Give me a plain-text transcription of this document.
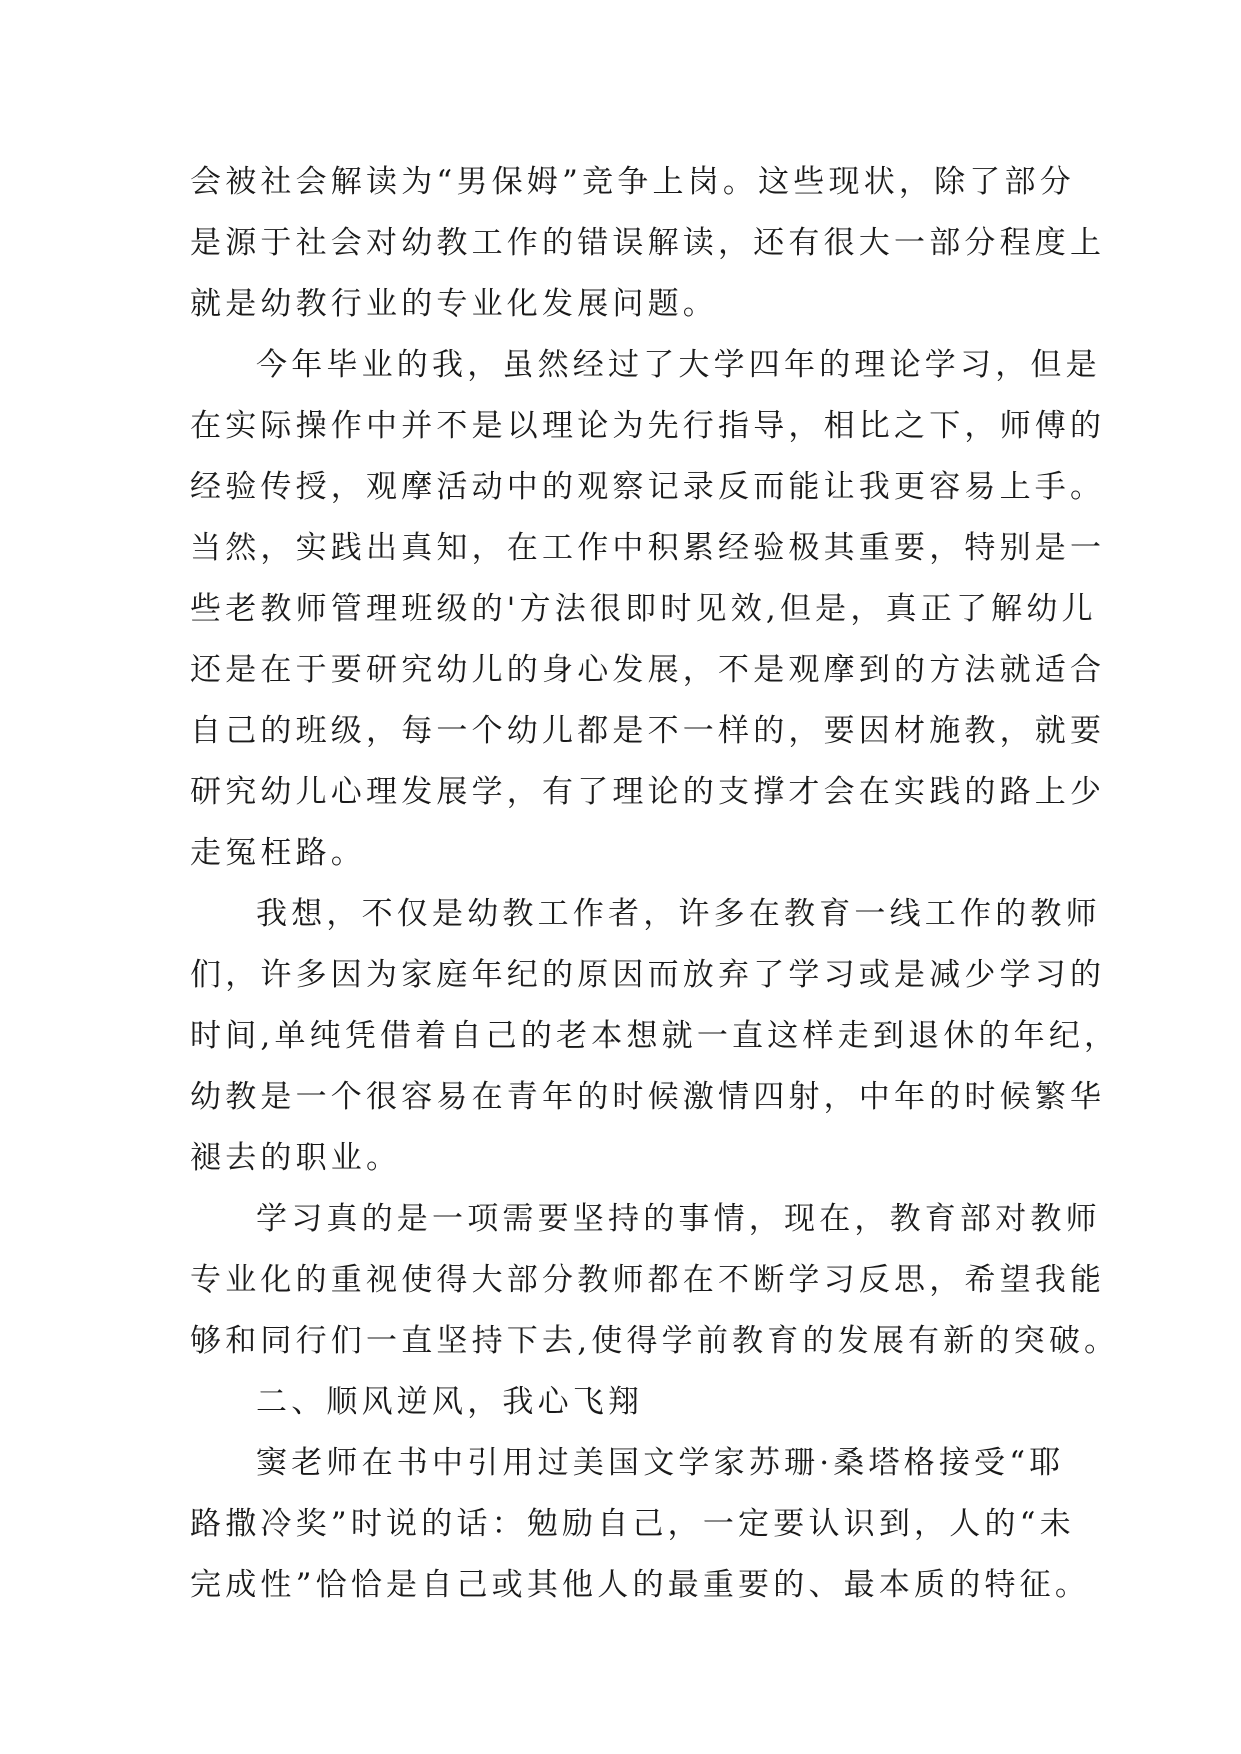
会被社会解读为“男保姆”竞争上岗。这些现状，除了部分
是源于社会对幼教工作的错误解读，还有很大一部分程度上
就是幼教行业的专业化发展问题。
今年毕业的我，虽然经过了大学四年的理论学习，但是
在实际操作中并不是以理论为先行指导，相比之下，师傅的
经验传授，观摩活动中的观察记录反而能让我更容易上手。
当然，实践出真知，在工作中积累经验极其重要，特别是一
些老教师管理班级的'方法很即时见效,但是，真正了解幼儿
还是在于要研究幼儿的身心发展，不是观摩到的方法就适合
自己的班级，每一个幼儿都是不一样的，要因材施教，就要
研究幼儿心理发展学，有了理论的支撑才会在实践的路上少
走冤枉路。
我想，不仅是幼教工作者，许多在教育一线工作的教师
们，许多因为家庭年纪的原因而放弃了学习或是减少学习的
时间,单纯凭借着自己的老本想就一直这样走到退休的年纪，
幼教是一个很容易在青年的时候激情四射，中年的时候繁华
褪去的职业。
学习真的是一项需要坚持的事情，现在，教育部对教师
专业化的重视使得大部分教师都在不断学习反思，希望我能
够和同行们一直坚持下去,使得学前教育的发展有新的突破。
二、顺风逆风，我心飞翔
窦老师在书中引用过美国文学家苏珊·桑塔格接受“耶
路撒冷奖”时说的话：勉励自己，一定要认识到，人的“未
完成性”恰恰是自己或其他人的最重要的、最本质的特征。
